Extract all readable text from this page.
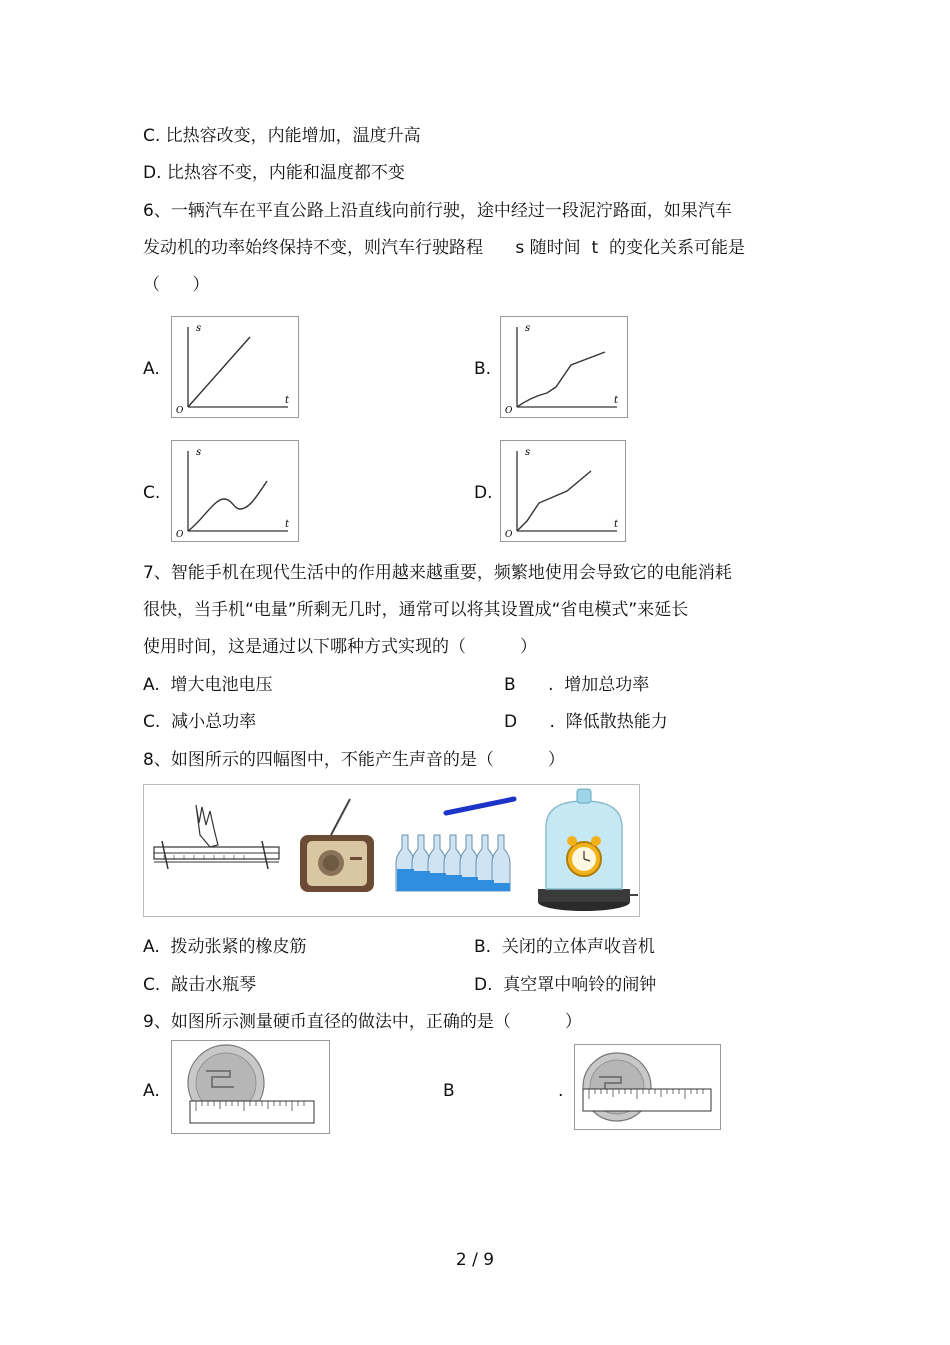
C. 比热容改变，内能增加，温度升高
D. 比热容不变，内能和温度都不变
6、一辆汽车在平直公路上沿直线向前行驶，途中经过一段泥泞路面，如果汽车
发动机的功率始终保持不变，则汽车行驶路程      s 随时间  t  的变化关系可能是
（      ）
A.
s
t
O
B.
s
t
O
C.
s
t
O
D.
s
t
O
7、智能手机在现代生活中的作用越来越重要，频繁地使用会导致它的电能消耗
很快，当手机“电量”所剩无几时，通常可以将其设置成“省电模式”来延长
使用时间，这是通过以下哪种方式实现的（          ）
A.  增大电池电压	B      .  增加总功率
C.  减小总功率	D      .  降低散热能力
8、如图所示的四幅图中，不能产生声音的是（          ）
A.  拨动张紧的橡皮筋	B.  关闭的立体声收音机
C.  敲击水瓶琴	D.  真空罩中响铃的闹钟
9、如图所示测量硬币直径的做法中，正确的是（          ）
A.	B	.
2 / 9
